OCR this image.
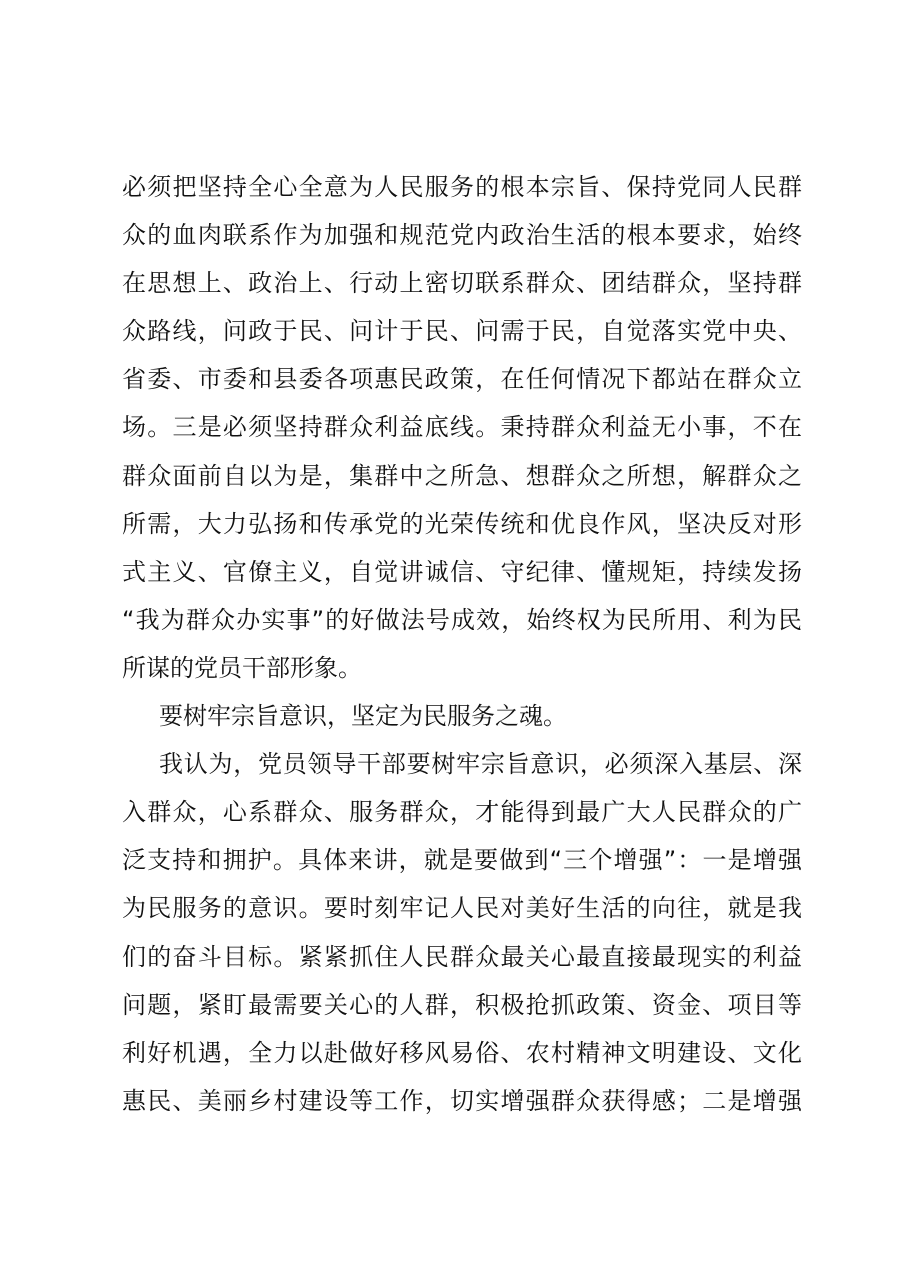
必须把坚持全心全意为人民服务的根本宗旨、保持党同人民群
众的血肉联系作为加强和规范党内政治生活的根本要求，始终
在思想上、政治上、行动上密切联系群众、团结群众，坚持群
众路线，问政于民、问计于民、问需于民，自觉落实党中央、
省委、市委和县委各项惠民政策，在任何情况下都站在群众立
场。三是必须坚持群众利益底线。秉持群众利益无小事，不在
群众面前自以为是，集群中之所急、想群众之所想，解群众之
所需，大力弘扬和传承党的光荣传统和优良作风，坚决反对形
式主义、官僚主义，自觉讲诚信、守纪律、懂规矩，持续发扬
“我为群众办实事”的好做法号成效，始终权为民所用、利为民
所谋的党员干部形象。
要树牢宗旨意识，坚定为民服务之魂。
我认为，党员领导干部要树牢宗旨意识，必须深入基层、深
入群众，心系群众、服务群众，才能得到最广大人民群众的广
泛支持和拥护。具体来讲，就是要做到“三个增强”：一是增强
为民服务的意识。要时刻牢记人民对美好生活的向往，就是我
们的奋斗目标。紧紧抓住人民群众最关心最直接最现实的利益
问题，紧盯最需要关心的人群，积极抢抓政策、资金、项目等
利好机遇，全力以赴做好移风易俗、农村精神文明建设、文化
惠民、美丽乡村建设等工作，切实增强群众获得感；二是增强
